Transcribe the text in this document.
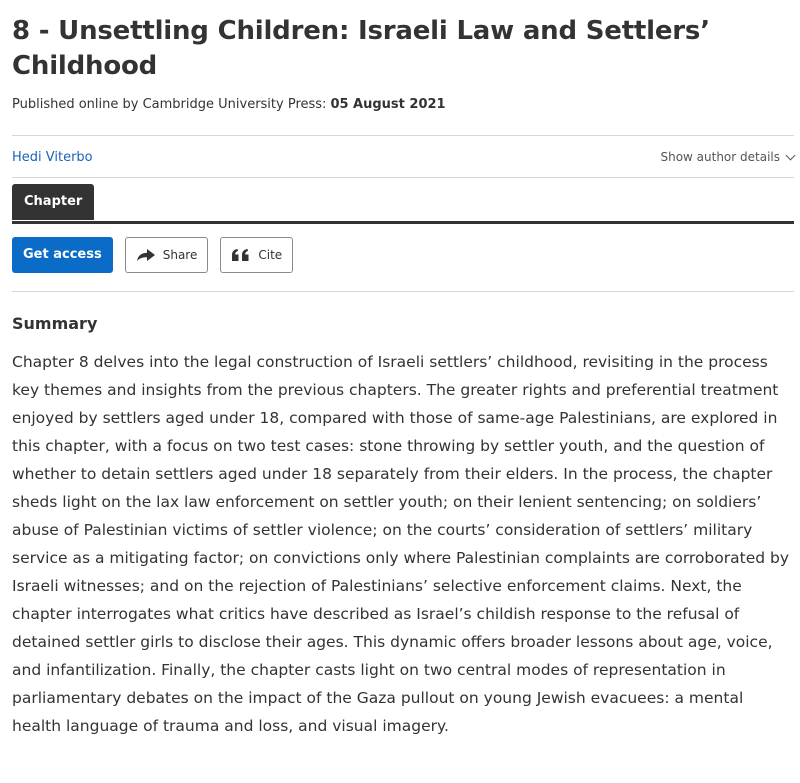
8 - Unsettling Children: Israeli Law and Settlers’ Childhood
Published online by Cambridge University Press: 05 August 2021
Hedi Viterbo	Show author details
Chapter
Get access	Share	Cite
Summary

Chapter 8 delves into the legal construction of Israeli settlers’ childhood, revisiting in the process key themes and insights from the previous chapters. The greater rights and preferential treatment enjoyed by settlers aged under 18, compared with those of same-age Palestinians, are explored in this chapter, with a focus on two test cases: stone throwing by settler youth, and the question of whether to detain settlers aged under 18 separately from their elders. In the process, the chapter sheds light on the lax law enforcement on settler youth; on their lenient sentencing; on soldiers’ abuse of Palestinian victims of settler violence; on the courts’ consideration of settlers’ military service as a mitigating factor; on convictions only where Palestinian complaints are corroborated by Israeli witnesses; and on the rejection of Palestinians’ selective enforcement claims. Next, the chapter interrogates what critics have described as Israel’s childish response to the refusal of detained settler girls to disclose their ages. This dynamic offers broader lessons about age, voice, and infantilization. Finally, the chapter casts light on two central modes of representation in parliamentary debates on the impact of the Gaza pullout on young Jewish evacuees: a mental health language of trauma and loss, and visual imagery.
